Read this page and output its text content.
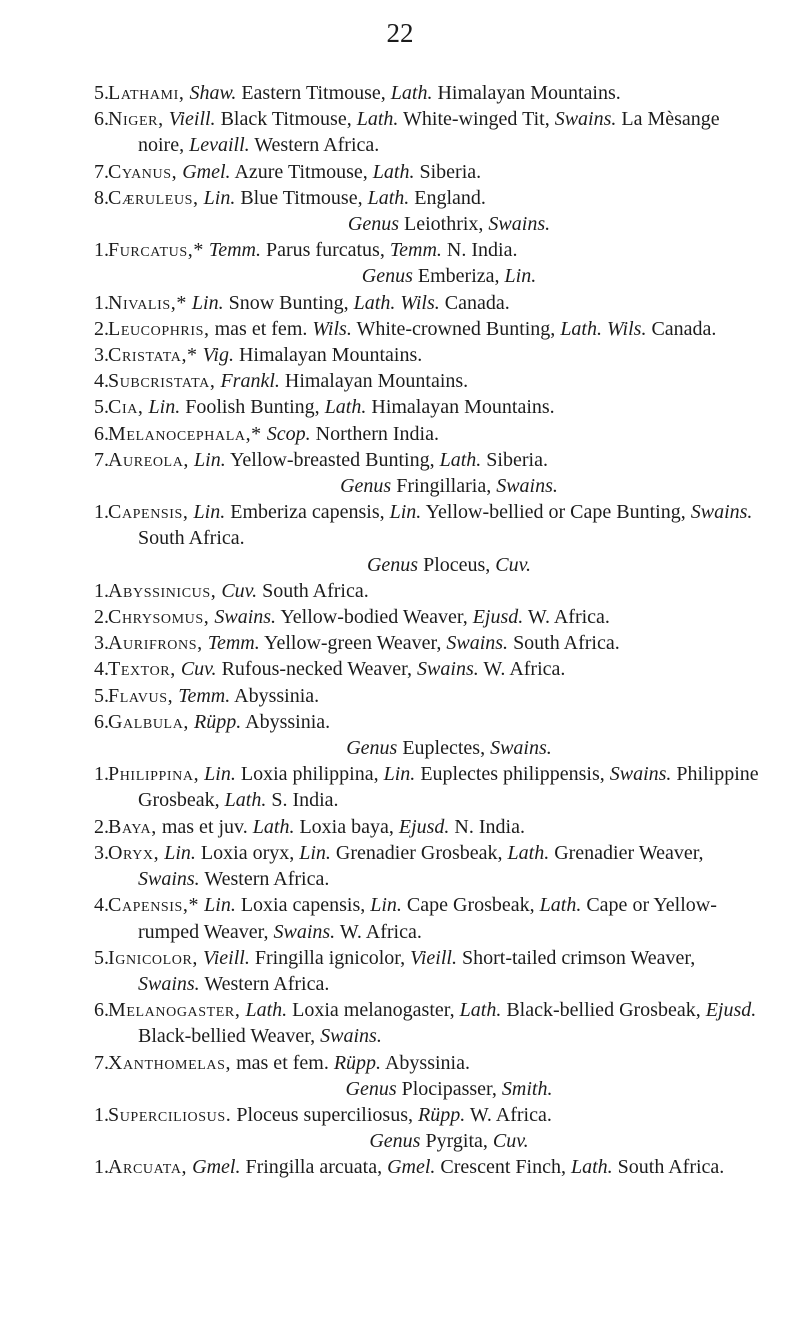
22
5. Lathami, Shaw. Eastern Titmouse, Lath. Himalayan Mountains.
6. Niger, Vieill. Black Titmouse, Lath. White-winged Tit, Swains. La Mèsange noire, Levaill. Western Africa.
7. Cyanus, Gmel. Azure Titmouse, Lath. Siberia.
8. Cæruleus, Lin. Blue Titmouse, Lath. England.
Genus Leiothrix, Swains.
1. Furcatus,* Temm. Parus furcatus, Temm. N. India.
Genus Emberiza, Lin.
1. Nivalis,* Lin. Snow Bunting, Lath. Wils. Canada.
2. Leucophris, mas et fem. Wils. White-crowned Bunting, Lath. Wils. Canada.
3. Cristata,* Vig. Himalayan Mountains.
4. Subcristata, Frankl. Himalayan Mountains.
5. Cia, Lin. Foolish Bunting, Lath. Himalayan Mountains.
6. Melanocephala,* Scop. Northern India.
7. Aureola, Lin. Yellow-breasted Bunting, Lath. Siberia.
Genus Fringillaria, Swains.
1. Capensis, Lin. Emberiza capensis, Lin. Yellow-bellied or Cape Bunting, Swains. South Africa.
Genus Ploceus, Cuv.
1. Abyssinicus, Cuv. South Africa.
2. Chrysomus, Swains. Yellow-bodied Weaver, Ejusd. W. Africa.
3. Aurifrons, Temm. Yellow-green Weaver, Swains. South Africa.
4. Textor, Cuv. Rufous-necked Weaver, Swains. W. Africa.
5. Flavus, Temm. Abyssinia.
6. Galbula, Rüpp. Abyssinia.
Genus Euplectes, Swains.
1. Philippina, Lin. Loxia philippina, Lin. Euplectes philippensis, Swains. Philippine Grosbeak, Lath. S. India.
2. Baya, mas et juv. Lath. Loxia baya, Ejusd. N. India.
3. Oryx, Lin. Loxia oryx, Lin. Grenadier Grosbeak, Lath. Grenadier Weaver, Swains. Western Africa.
4. Capensis,* Lin. Loxia capensis, Lin. Cape Grosbeak, Lath. Cape or Yellow-rumped Weaver, Swains. W. Africa.
5. Ignicolor, Vieill. Fringilla ignicolor, Vieill. Short-tailed crimson Weaver, Swains. Western Africa.
6. Melanogaster, Lath. Loxia melanogaster, Lath. Black-bellied Grosbeak, Ejusd. Black-bellied Weaver, Swains.
7. Xanthomelas, mas et fem. Rüpp. Abyssinia.
Genus Plocipasser, Smith.
1. Superciliosus. Ploceus superciliosus, Rüpp. W. Africa.
Genus Pyrgita, Cuv.
1. Arcuata, Gmel. Fringilla arcuata, Gmel. Crescent Finch, Lath. South Africa.
